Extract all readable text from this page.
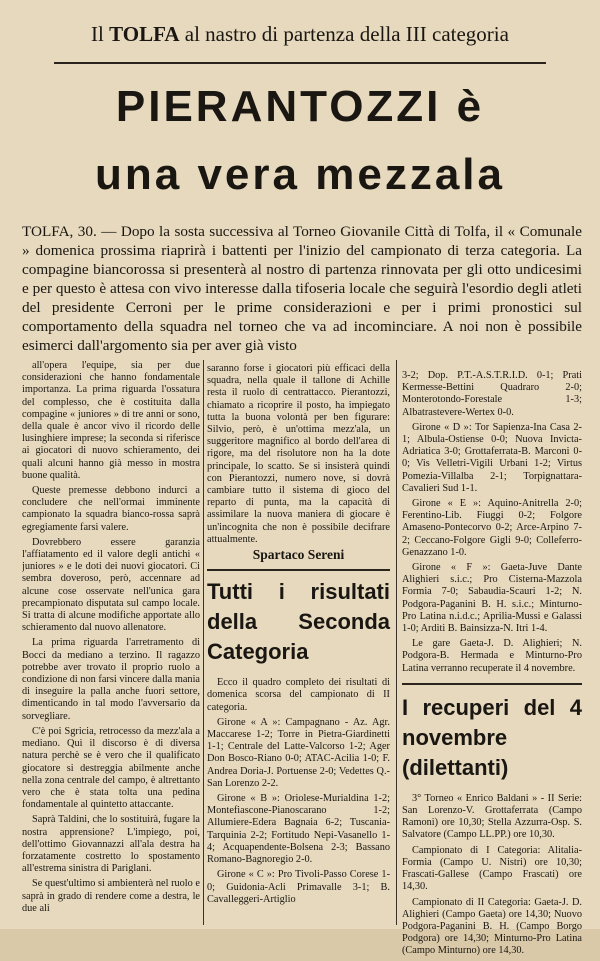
Il TOLFA al nastro di partenza della III categoria
PIERANTOZZI è
una vera mezzala
TOLFA, 30. — Dopo la sosta successiva al Torneo Giovanile Città di Tolfa, il « Comunale » domenica prossima riaprirà i battenti per l'inizio del campionato di terza categoria. La compagine biancorossa si presenterà al nostro di partenza rinnovata per gli otto undicesimi e per questo è attesa con vivo interesse dalla tifoseria locale che seguirà l'esordio degli atleti del presidente Cerroni per le prime considerazioni e per i primi pronostici sul comportamento della squadra nel torneo che va ad incominciare. A noi non è possibile esimerci dall'argomento sia per aver già visto

all'opera l'equipe, sia per due considerazioni che hanno fondamentale importanza. La prima riguarda l'ossatura del complesso, che è costituita dalla compagine « juniores » di tre anni or sono, della quale è ancor vivo il ricordo delle lusinghiere imprese; la seconda si riferisce ai giocatori di nuovo schieramento, dei quali alcuni hanno già messo in mostra buone qualità.

Queste premesse debbono indurci a concludere che nell'ormai imminente campionato la squadra bianco-rossa saprà egregiamente farsi valere.

Dovrebbero essere garanzia l'affiatamento ed il valore degli antichi « juniores » e le doti dei nuovi giocatori. Ci sembra doveroso, però, accennare ad alcune cose osservate nell'unica gara precampionato disputata sul campo locale. Si tratta di alcune modifiche apportate allo schieramento dal nuovo allenatore.

La prima riguarda l'arretramento di Bocci da mediano a terzino. Il ragazzo potrebbe aver trovato il proprio ruolo a condizione di non farsi vincere dalla mania di inseguire la palla anche fuori settore, dimenticando in tal modo l'avversario da sorvegliare.

C'è poi Sgricia, retrocesso da mezz'ala a mediano. Qui il discorso è di diversa natura perchè se è vero che il qualificato giocatore si destreggia abilmente anche nella zona centrale del campo, è altrettanto vero che è stata tolta una pedina fondamentale al quintetto attaccante.

Saprà Taldini, che lo sostituirà, fugare la nostra apprensione? L'impiego, poi, dell'ottimo Giovannazzi all'ala destra ha forzatamente costretto lo spostamento all'estrema sinistra di Pariglani.

Se quest'ultimo si ambienterà nel ruolo e saprà in grado di rendere come a destra, le due ali

saranno forse i giocatori più efficaci della squadra, nella quale il tallone di Achille resta il ruolo di centrattacco. Pierantozzi, chiamato a ricoprire il posto, ha impiegato tutta la buona volontà per ben figurare: Silvio, però, è un'ottima mezz'ala, un suggeritore magnifico al bordo dell'area di rigore, ma del risolutore non ha la dote principale, lo scatto. Se si insisterà quindi con Pierantozzi, numero nove, si dovrà cambiare tutto il sistema di gioco del reparto di punta, ma la capacità di assimilare la nuova maniera di giocare è un'incognita che non è possibile decifrare attualmente.

Spartaco Sereni

Tutti i risultati della Seconda Categoria

Ecco il quadro completo dei risultati di domenica scorsa del campionato di II categoria.

Girone « A »: Campagnano - Az. Agr. Maccarese 1-2; Torre in Pietra-Giardinetti 1-1; Centrale del Latte-Valcorso 1-2; Ager Don Bosco-Riano 0-0; ATAC-Acilia 1-0; F. Andrea Doria-J. Portuense 2-0; Vedettes Q.-San Lorenzo 2-2.

Girone « B »: Oriolese-Murialdina 1-2; Montefiascone-Pianoscarano 1-2; Allumiere-Edera Bagnaia 6-2; Tuscania-Tarquinia 2-2; Fortitudo Nepi-Vasanello 1-4; Acquapendente-Bolsena 2-3; Bassano Romano-Bagnoregio 2-0.

Girone « C »: Pro Tivoli-Passo Corese 1-0; Guidonia-Acli Primavalle 3-1; B. Cavalleggeri-Artiglio

3-2; Dop. P.T.-A.S.T.R.I.D. 0-1; Prati Kermesse-Bettini Quadraro 2-0; Monterotondo-Forestale 1-3; Albatrastevere-Wertex 0-0.

Girone « D »: Tor Sapienza-Ina Casa 2-1; Albula-Ostiense 0-0; Nuova Invicta-Adriatica 3-0; Grottaferrata-B. Marconi 0-0; Vis Velletri-Vigili Urbani 1-2; Virtus Pomezia-Villalba 2-1; Torpignattara-Cavalieri Sud 1-1.

Girone « E »: Aquino-Anitrella 2-0; Ferentino-Lib. Fiuggi 0-2; Folgore Amaseno-Pontecorvo 0-2; Arce-Arpino 7-2; Ceccano-Folgore Gigli 9-0; Colleferro-Genazzano 1-0.

Girone « F »: Gaeta-Juve Dante Alighieri s.i.c.; Pro Cisterna-Mazzola Formia 7-0; Sabaudia-Scauri 1-2; N. Podgora-Paganini B. H. s.i.c.; Minturno-Pro Latina n.i.d.c.; Aprilia-Mussi e Galassi 1-0; Arditi B. Bainsizza-N. Itri 1-4.

Le gare Gaeta-J. D. Alighieri; N. Podgora-B. Hermada e Minturno-Pro Latina verranno recuperate il 4 novembre.

I recuperi del 4 novembre (dilettanti)

3° Torneo « Enrico Baldani » - II Serie: San Lorenzo-V. Grottaferrata (Campo Ramoni) ore 10,30; Stella Azzurra-Osp. S. Salvatore (Campo LL.PP.) ore 10,30.

Campionato di I Categoria: Alitalia-Formia (Campo U. Nistri) ore 10,30; Frascati-Gallese (Campo Frascati) ore 14,30.

Campionato di II Categoria: Gaeta-J. D. Alighieri (Campo Gaeta) ore 14,30; Nuovo Podgora-Paganini B. H. (Campo Borgo Podgora) ore 14,30; Minturno-Pro Latina (Campo Minturno) ore 14,30.
